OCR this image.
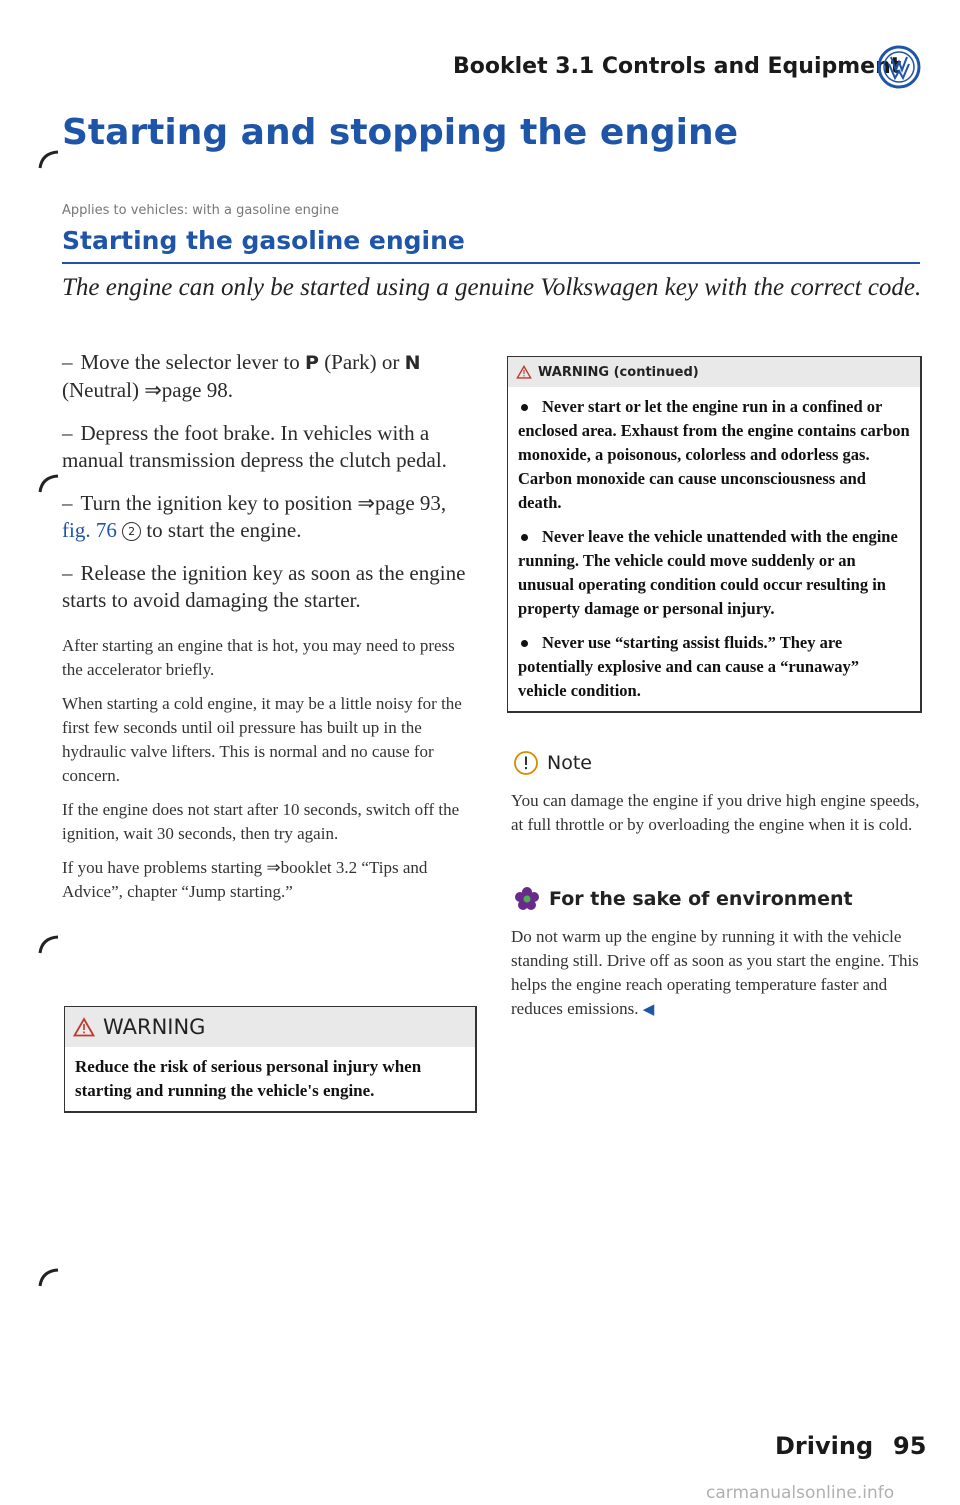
Booklet 3.1 Controls and Equipment
Starting and stopping the engine
Applies to vehicles: with a gasoline engine
Starting the gasoline engine
The engine can only be started using a genuine Volkswagen key with the correct code.

– Move the selector lever to P (Park) or N (Neutral) ⇒page 98.

– Depress the foot brake. In vehicles with a manual transmission depress the clutch pedal.

– Turn the ignition key to position ⇒page 93, fig. 76 2 to start the engine.

– Release the ignition key as soon as the engine starts to avoid damaging the starter.

After starting an engine that is hot, you may need to press the accelerator briefly.

When starting a cold engine, it may be a little noisy for the first few seconds until oil pressure has built up in the hydraulic valve lifters. This is normal and no cause for concern.

If the engine does not start after 10 seconds, switch off the ignition, wait 30 seconds, then try again.

If you have problems starting ⇒booklet 3.2 “Tips and Advice”, chapter “Jump starting.”

WARNING
Reduce the risk of serious personal injury when starting and running the vehicle's engine.
WARNING (continued)

Never start or let the engine run in a confined or enclosed area. Exhaust from the engine contains carbon monoxide, a poisonous, colorless and odorless gas. Carbon monoxide can cause unconsciousness and death.

Never leave the vehicle unattended with the engine running. The vehicle could move suddenly or an unusual operating condition could occur resulting in property damage or personal injury.

Never use “starting assist fluids.” They are potentially explosive and can cause a “runaway” vehicle condition.

Note
You can damage the engine if you drive high engine speeds, at full throttle or by overloading the engine when it is cold.
For the sake of environment
Do not warm up the engine by running it with the vehicle standing still. Drive off as soon as you start the engine. This helps the engine reach operating temperature faster and reduces emissions. ◀
Driving 95
carmanualsonline.info
